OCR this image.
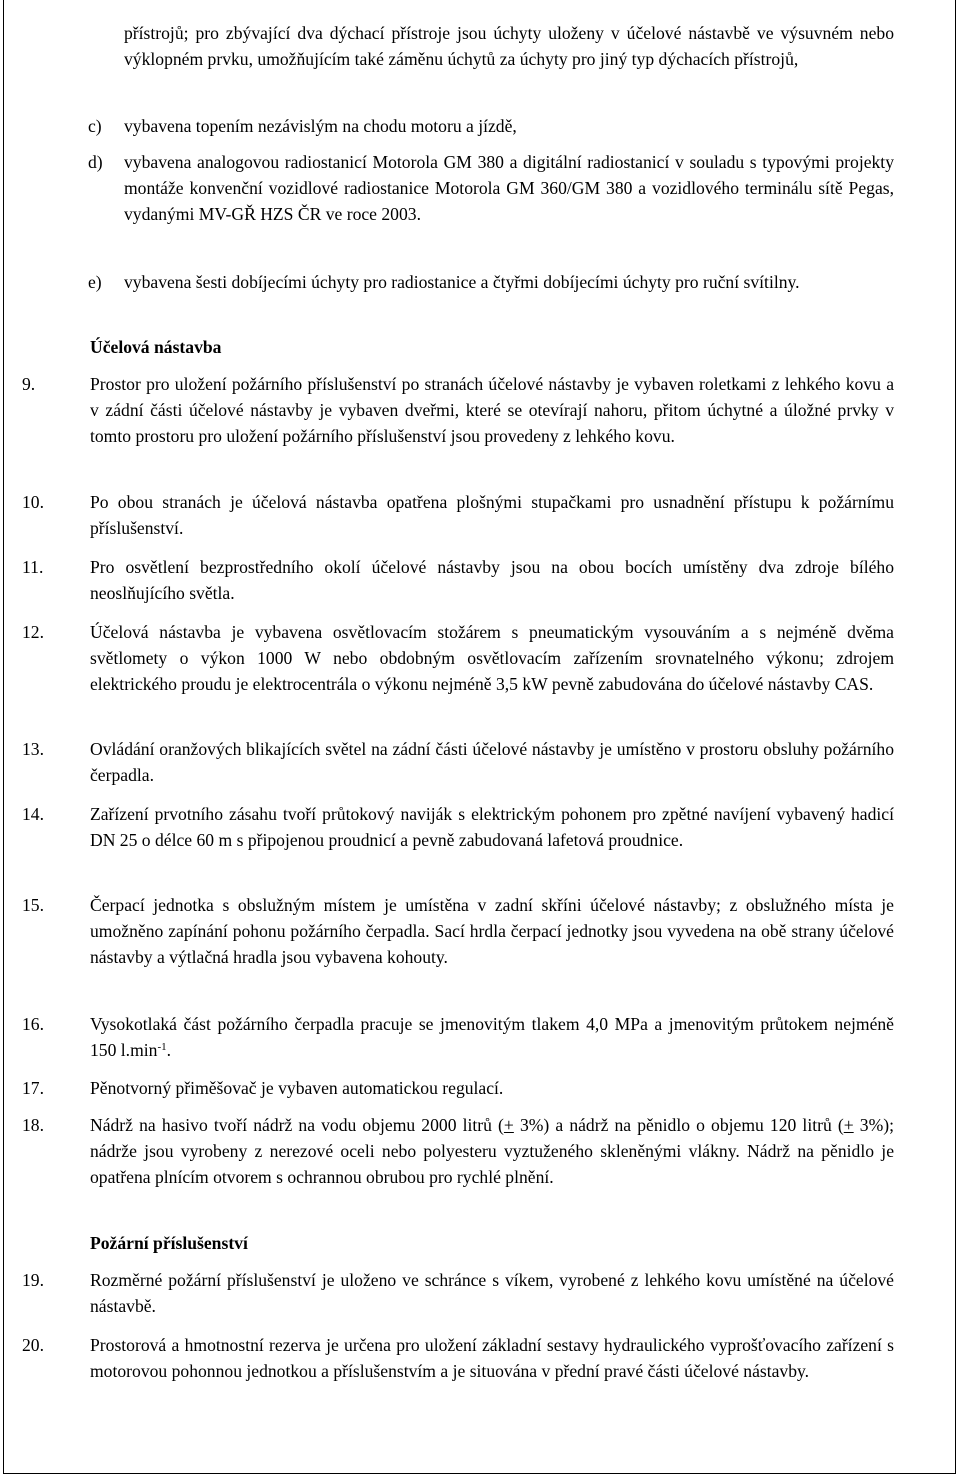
přístrojů; pro zbývající dva dýchací přístroje jsou úchyty uloženy v účelové nástavbě ve výsuvném nebo výklopném prvku, umožňujícím také záměnu úchytů za úchyty pro jiný typ dýchacích přístrojů,
c) vybavena topením nezávislým na chodu motoru a jízdě,
d) vybavena analogovou radiostanicí Motorola GM 380 a digitální radiostanicí v souladu s typovými projekty montáže konvenční vozidlové radiostanice Motorola GM 360/GM 380 a vozidlového terminálu sítě Pegas, vydanými MV-GŘ HZS ČR ve roce 2003.
e) vybavena šesti dobíjecími úchyty pro radiostanice a čtyřmi dobíjecími úchyty pro ruční svítilny.
Účelová nástavba
9.	Prostor pro uložení požárního příslušenství po stranách účelové nástavby je vybaven roletkami z lehkého kovu a v zádní části účelové nástavby je vybaven dveřmi, které se otevírají nahoru, přitom úchytné a úložné prvky v tomto prostoru pro uložení požárního příslušenství jsou provedeny z lehkého kovu.
10.	Po obou stranách je účelová nástavba opatřena plošnými stupačkami pro usnadnění přístupu k požárnímu příslušenství.
11.	Pro osvětlení bezprostředního okolí účelové nástavby jsou na obou bocích umístěny dva zdroje bílého neoslňujícího světla.
12.	Účelová nástavba je vybavena osvětlovacím stožárem s pneumatickým vysouváním a s nejméně dvěma světlomety o výkon 1000 W nebo obdobným osvětlovacím zařízením srovnatelného výkonu; zdrojem elektrického proudu je elektrocentrála o výkonu nejméně 3,5 kW pevně zabudována do účelové nástavby CAS.
13.	Ovládání oranžových blikajících světel na zádní části účelové nástavby je umístěno v prostoru obsluhy požárního čerpadla.
14.	Zařízení prvotního zásahu tvoří průtokový naviják s elektrickým pohonem pro zpětné navíjení vybavený hadicí DN 25 o délce 60 m s připojenou proudnicí a pevně zabudovaná lafetová proudnice.
15.	Čerpací jednotka s obslužným místem je umístěna v zadní skříni účelové nástavby; z obslužného místa je umožněno zapínání pohonu požárního čerpadla. Sací hrdla čerpací jednotky jsou vyvedena na obě strany účelové nástavby a výtlačná hradla jsou vybavena kohouty.
16.	Vysokotlaká část požárního čerpadla pracuje se jmenovitým tlakem 4,0 MPa a jmenovitým průtokem nejméně 150 $l.\min^{-1}$.
17.	Pěnotvorný přiměšovač je vybaven automatickou regulací.
18.	Nádrž na hasivo tvoří nádrž na vodu objemu 2000 litrů (+ 3%) a nádrž na pěnidlo o objemu 120 litrů (+ 3%); nádrže jsou vyrobeny z nerezové oceli nebo polyesteru vyztuženého skleněnými vlákny. Nádrž na pěnidlo je opatřena plnícím otvorem s ochrannou obrubou pro rychlé plnění.
Požární příslušenství
19.	Rozměrné požární příslušenství je uloženo ve schránce s víkem, vyrobené z lehkého kovu umístěné na účelové nástavbě.
20.	Prostorová a hmotnostní rezerva je určena pro uložení základní sestavy hydraulického vyprošťovacího zařízení s motorovou pohonnou jednotkou a příslušenstvím a je situována v přední pravé části účelové nástavby.
